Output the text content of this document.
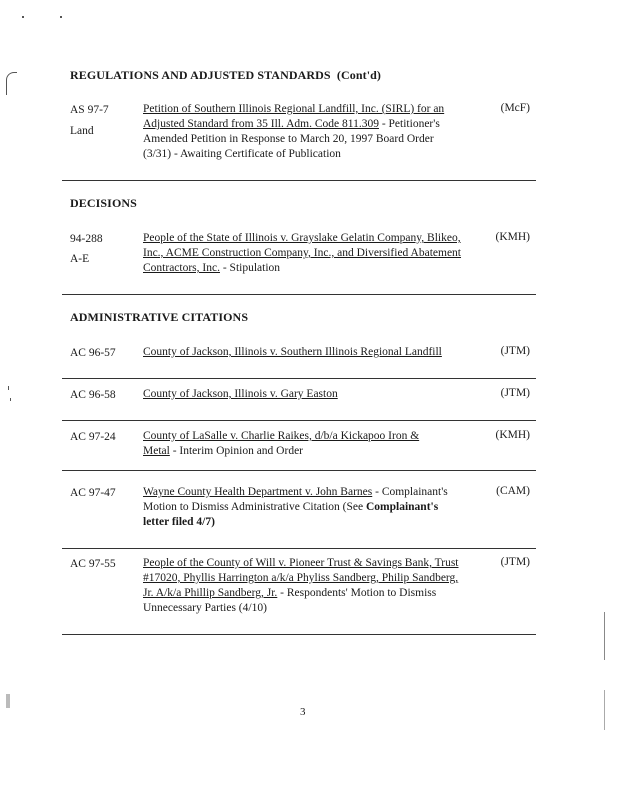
REGULATIONS AND ADJUSTED STANDARDS (Cont'd)
AS 97-7
Land
Petition of Southern Illinois Regional Landfill, Inc. (SIRL) for an Adjusted Standard from 35 Ill. Adm. Code 811.309 - Petitioner's Amended Petition in Response to March 20, 1997 Board Order (3/31) - Awaiting Certificate of Publication
(McF)
DECISIONS
94-288
A-E
People of the State of Illinois v. Grayslake Gelatin Company, Blikeo, Inc., ACME Construction Company, Inc., and Diversified Abatement Contractors, Inc. - Stipulation
(KMH)
ADMINISTRATIVE CITATIONS
AC 96-57 County of Jackson, Illinois v. Southern Illinois Regional Landfill	(JTM)
AC 96-58 County of Jackson, Illinois v. Gary Easton	(JTM)
AC 97-24 County of LaSalle v. Charlie Raikes, d/b/a Kickapoo Iron & Metal - Interim Opinion and Order
(KMH)
AC 97-47 Wayne County Health Department v. John Barnes - Complainant's Motion to Dismiss Administrative Citation (See Complainant's letter filed 4/7)
(CAM)
AC 97-55 People of the County of Will v. Pioneer Trust & Savings Bank, Trust #17020, Phyllis Harrington a/k/a Phyliss Sandberg, Philip Sandberg, Jr. A/k/a Phillip Sandberg, Jr. - Respondents' Motion to Dismiss Unnecessary Parties (4/10)
(JTM)
3
